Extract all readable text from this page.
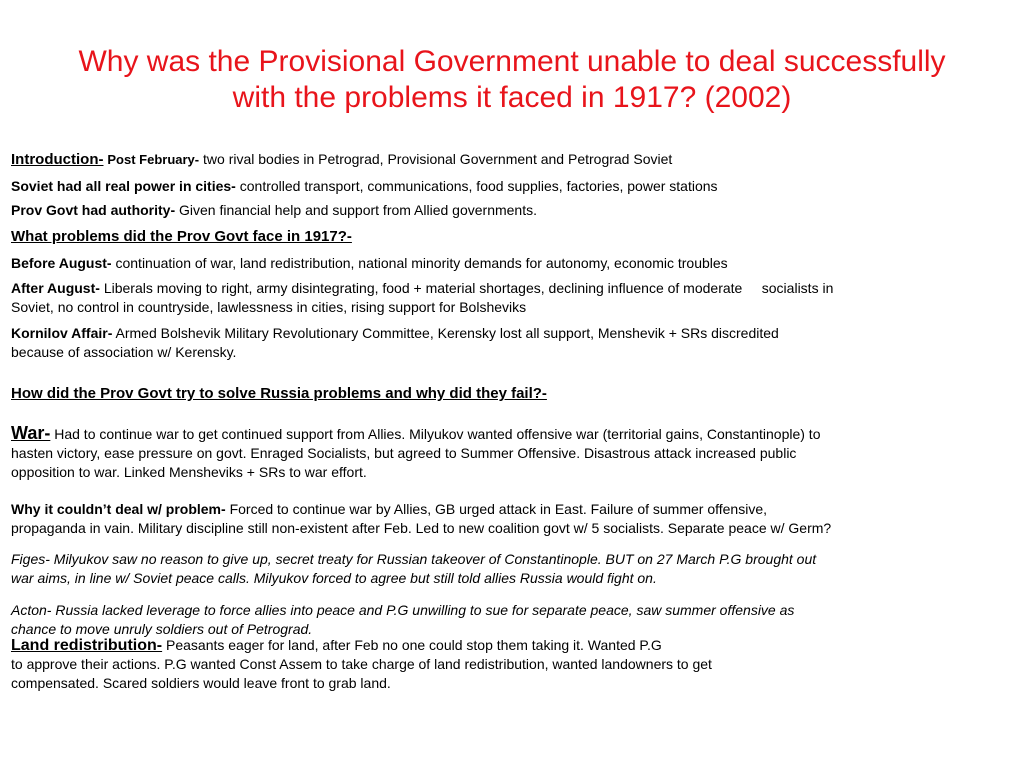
Why was the Provisional Government unable to deal successfully
with the problems it faced in 1917? (2002)
Introduction- Post February- two rival bodies in Petrograd, Provisional Government and Petrograd Soviet
Soviet had all real power in cities- controlled transport, communications, food supplies, factories, power stations
Prov Govt had authority- Given financial help and support from Allied governments.
What problems did the Prov Govt face in 1917?-
Before August- continuation of war, land redistribution, national minority demands for autonomy, economic troubles
After August- Liberals moving to right, army disintegrating, food + material shortages, declining influence of moderate     socialists in
Soviet, no control in countryside, lawlessness in cities, rising support for Bolsheviks
Kornilov Affair- Armed Bolshevik Military Revolutionary Committee, Kerensky lost all support, Menshevik + SRs discredited
because of association w/ Kerensky.
How did the Prov Govt try to solve Russia problems and why did they fail?-
War- Had to continue war to get continued support from Allies. Milyukov wanted offensive war (territorial gains, Constantinople) to
hasten victory, ease pressure on govt. Enraged Socialists, but agreed to Summer Offensive. Disastrous attack increased public
opposition to war. Linked Mensheviks + SRs to war effort.
Why it couldn’t deal w/ problem- Forced to continue war by Allies, GB urged attack in East. Failure of summer offensive,
propaganda in vain. Military discipline still non-existent after Feb. Led to new coalition govt w/ 5 socialists. Separate peace w/ Germ?
Figes- Milyukov saw no reason to give up, secret treaty for Russian takeover of Constantinople. BUT on 27 March P.G brought out
war aims, in line w/ Soviet peace calls. Milyukov forced to agree but still told allies Russia would fight on.
Acton- Russia lacked leverage to force allies into peace and P.G unwilling to sue for separate peace, saw summer offensive as
chance to move unruly soldiers out of Petrograd.
Land redistribution- Peasants eager for land, after Feb no one could stop them taking it. Wanted P.G
to approve their actions. P.G wanted Const Assem to take charge of land redistribution, wanted landowners to get
compensated. Scared soldiers would leave front to grab land.
